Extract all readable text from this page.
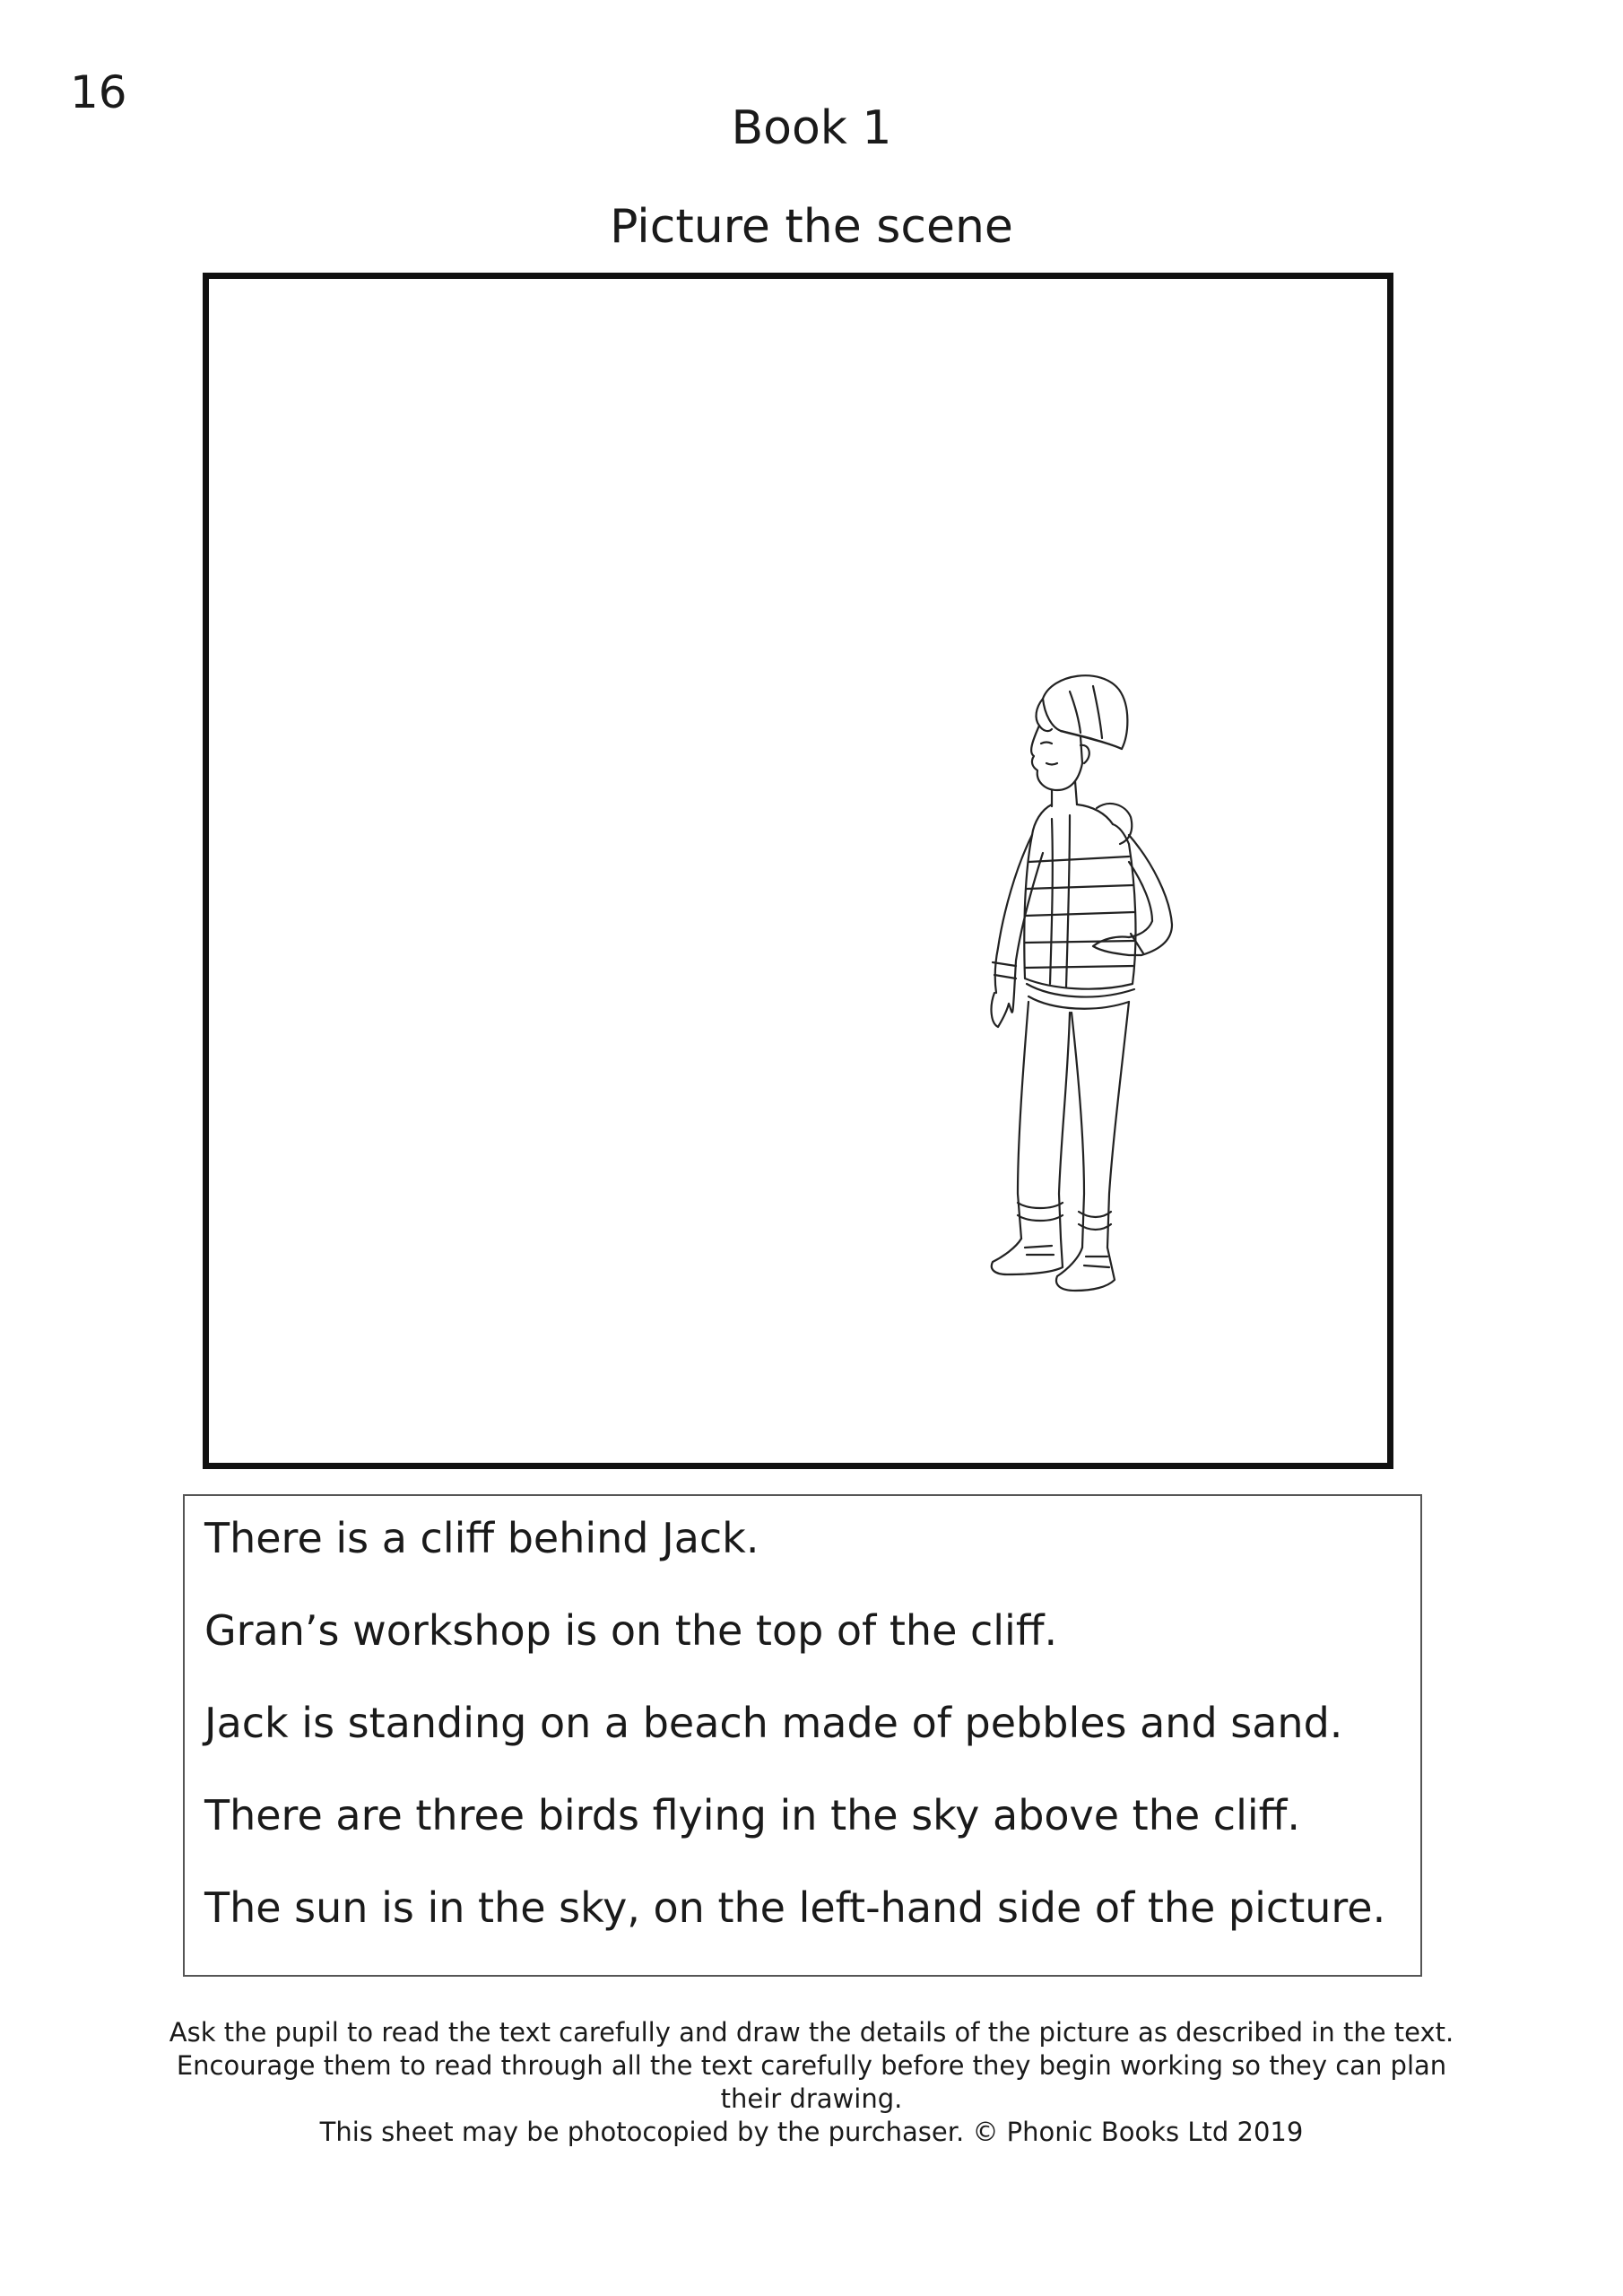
16
Book 1
Picture the scene

There is a cliff behind Jack.

Gran’s workshop is on the top of the cliff.

Jack is standing on a beach made of pebbles and sand.

There are three birds flying in the sky above the cliff.

The sun is in the sky, on the left-hand side of the picture.

Ask the pupil to read the text carefully and draw the details of the picture as described in the text.

Encourage them to read through all the text carefully before they begin working so they can plan

their drawing.

This sheet may be photocopied by the purchaser. © Phonic Books Ltd 2019
